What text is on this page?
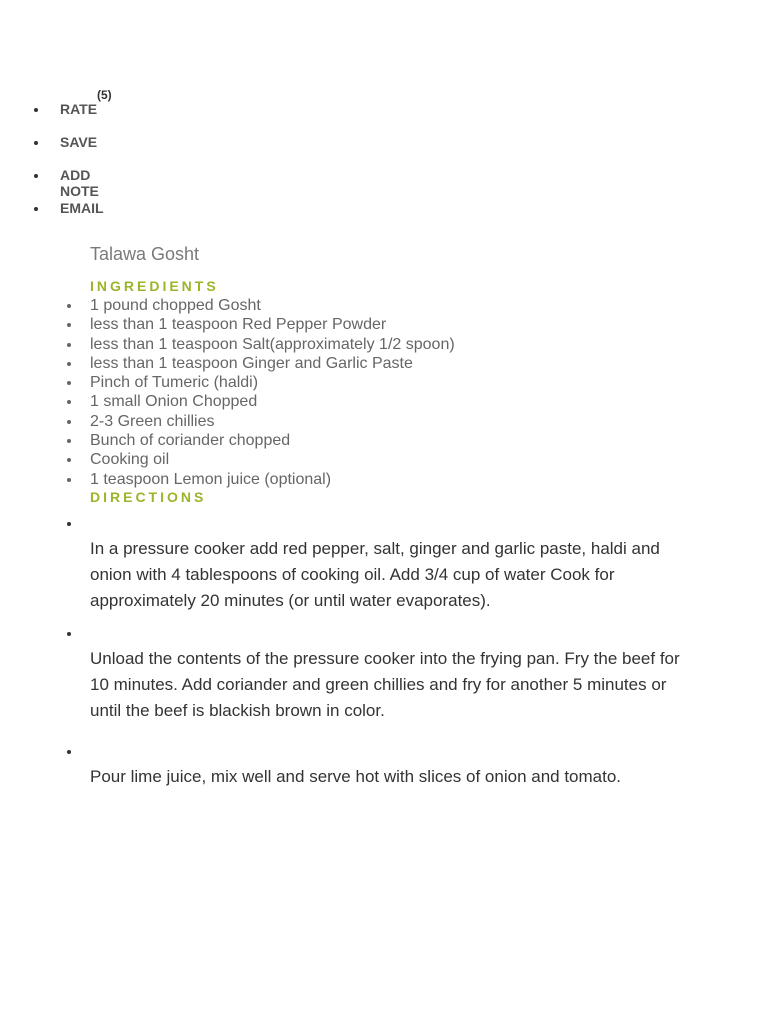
(5)
RATE
SAVE
ADD NOTE
EMAIL
Talawa Gosht
INGREDIENTS
1 pound chopped Gosht
less than 1 teaspoon Red Pepper Powder
less than 1 teaspoon Salt(approximately 1/2 spoon)
less than 1 teaspoon Ginger and Garlic Paste
Pinch of Tumeric (haldi)
1 small Onion Chopped
2-3 Green chillies
Bunch of coriander chopped
Cooking oil
1 teaspoon Lemon juice (optional)
DIRECTIONS

In a pressure cooker add red pepper, salt, ginger and garlic paste, haldi and onion with 4 tablespoons of cooking oil. Add 3/4 cup of water Cook for approximately 20 minutes (or until water evaporates).

Unload the contents of the pressure cooker into the frying pan. Fry the beef for 10 minutes. Add coriander and green chillies and fry for another 5 minutes or until the beef is blackish brown in color.

Pour lime juice, mix well and serve hot with slices of onion and tomato.
